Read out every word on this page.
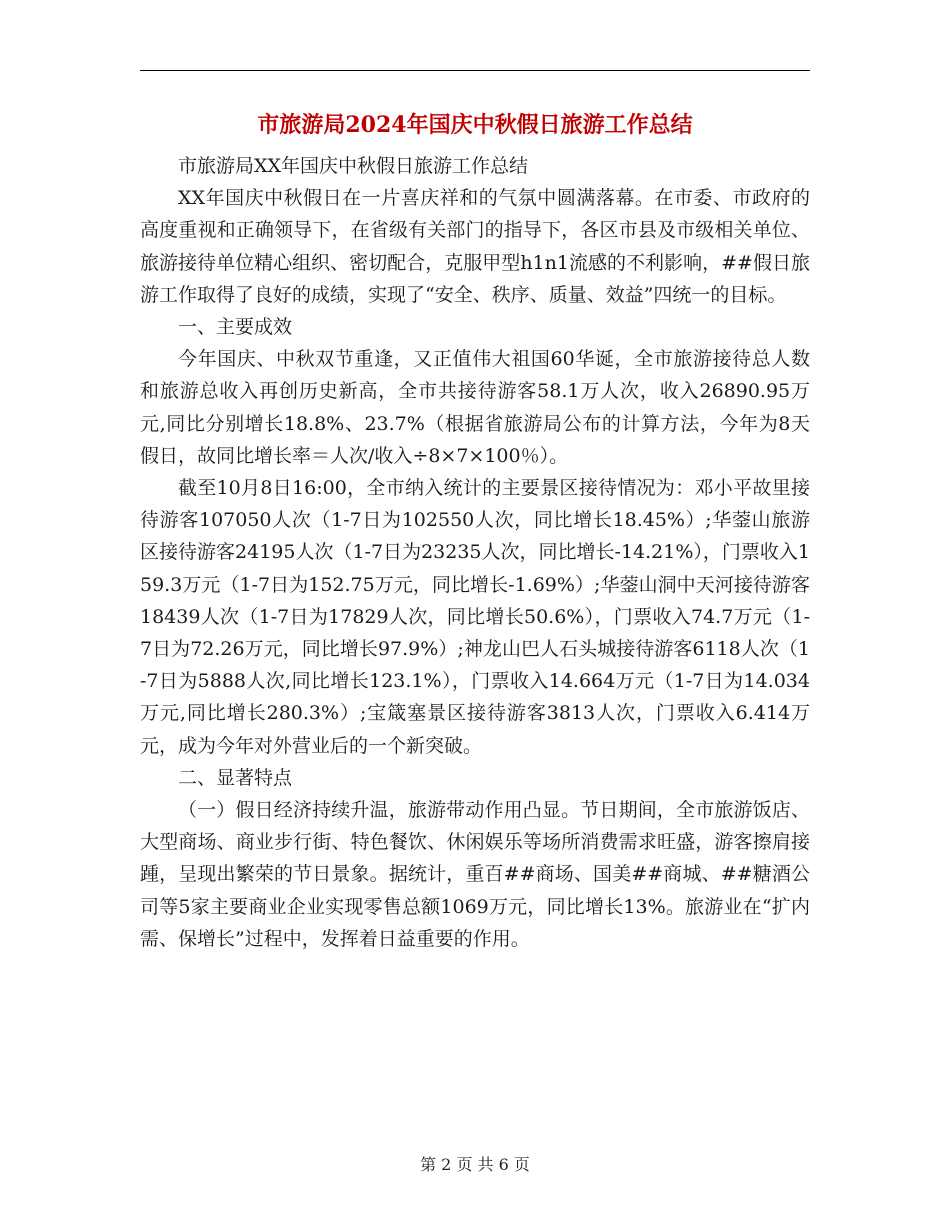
市旅游局2024年国庆中秋假日旅游工作总结

市旅游局XX年国庆中秋假日旅游工作总结

XX年国庆中秋假日在一片喜庆祥和的气氛中圆满落幕。在市委、市政府的高度重视和正确领导下，在省级有关部门的指导下，各区市县及市级相关单位、旅游接待单位精心组织、密切配合，克服甲型h1n1流感的不利影响，##假日旅游工作取得了良好的成绩，实现了“安全、秩序、质量、效益”四统一的目标。

一、主要成效

今年国庆、中秋双节重逢，又正值伟大祖国60华诞，全市旅游接待总人数和旅游总收入再创历史新高，全市共接待游客58.1万人次，收入26890.95万元,同比分别增长18.8%、23.7%（根据省旅游局公布的计算方法，今年为8天假日，故同比增长率＝人次/收入÷8×7×100％）。

截至10月8日16:00，全市纳入统计的主要景区接待情况为：邓小平故里接待游客107050人次（1-7日为102550人次，同比增长18.45%）;华蓥山旅游区接待游客24195人次（1-7日为23235人次，同比增长-14.21%），门票收入159.3万元（1-7日为152.75万元，同比增长-1.69%）;华蓥山洞中天河接待游客18439人次（1-7日为17829人次，同比增长50.6%），门票收入74.7万元（1-7日为72.26万元，同比增长97.9%）;神龙山巴人石头城接待游客6118人次（1-7日为5888人次,同比增长123.1%），门票收入14.664万元（1-7日为14.034万元,同比增长280.3%）;宝箴塞景区接待游客3813人次，门票收入6.414万元，成为今年对外营业后的一个新突破。

二、显著特点

（一）假日经济持续升温，旅游带动作用凸显。节日期间，全市旅游饭店、大型商场、商业步行街、特色餐饮、休闲娱乐等场所消费需求旺盛，游客擦肩接踵，呈现出繁荣的节日景象。据统计，重百##商场、国美##商城、##糖酒公司等5家主要商业企业实现零售总额1069万元，同比增长13%。旅游业在“扩内需、保增长”过程中，发挥着日益重要的作用。

第 2 页 共 6 页
